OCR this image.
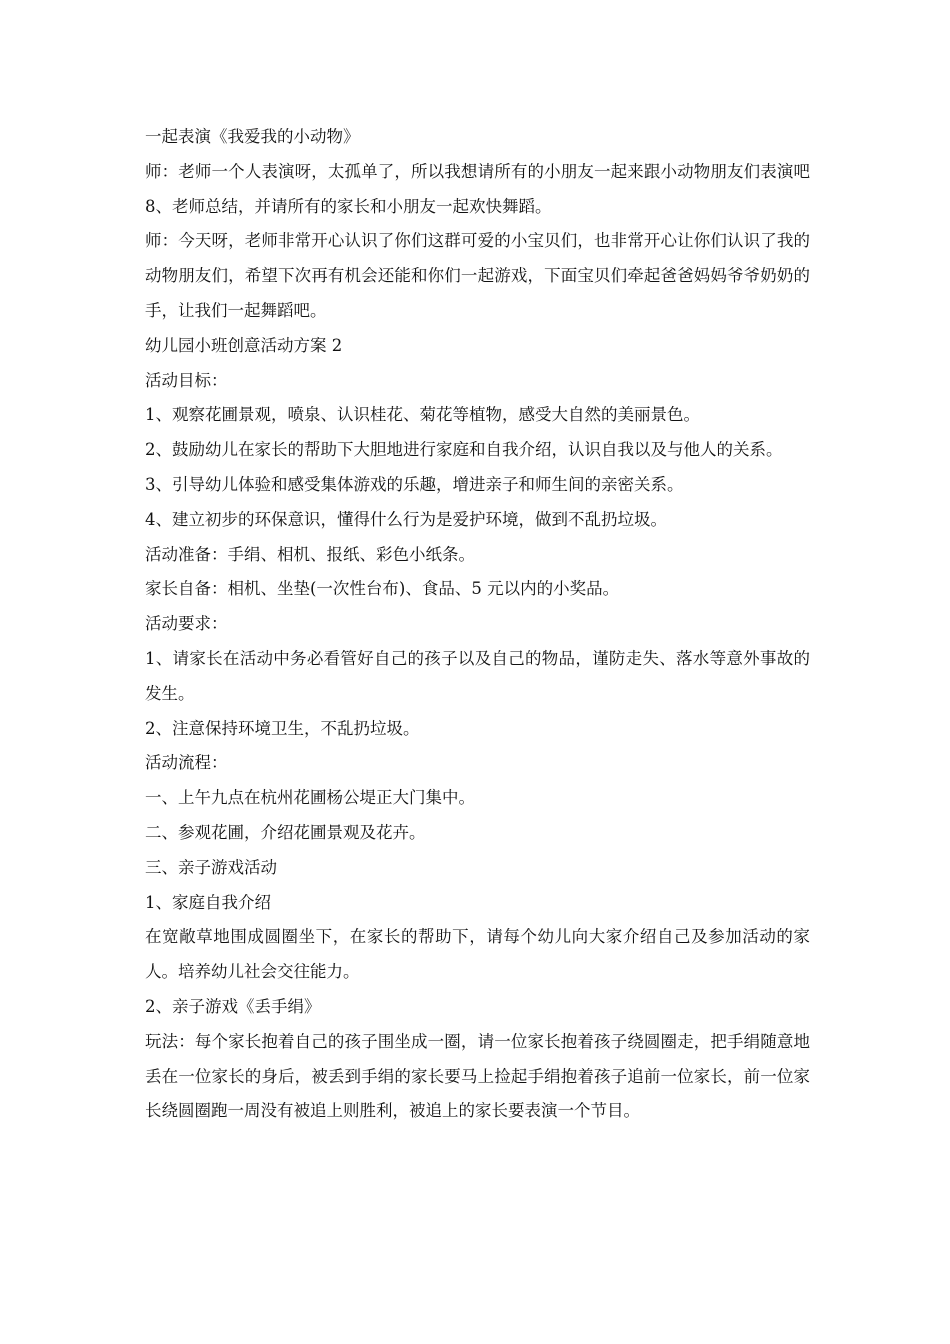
一起表演《我爱我的小动物》

师：老师一个人表演呀，太孤单了，所以我想请所有的小朋友一起来跟小动物朋友们表演吧 8、老师总结，并请所有的家长和小朋友一起欢快舞蹈。

师：今天呀，老师非常开心认识了你们这群可爱的小宝贝们，也非常开心让你们认识了我的动物朋友们，希望下次再有机会还能和你们一起游戏，下面宝贝们牵起爸爸妈妈爷爷奶奶的手，让我们一起舞蹈吧。

幼儿园小班创意活动方案 2

活动目标：

1、观察花圃景观，喷泉、认识桂花、菊花等植物，感受大自然的美丽景色。

2、鼓励幼儿在家长的帮助下大胆地进行家庭和自我介绍，认识自我以及与他人的关系。

3、引导幼儿体验和感受集体游戏的乐趣，增进亲子和师生间的亲密关系。

4、建立初步的环保意识，懂得什么行为是爱护环境，做到不乱扔垃圾。

活动准备：手绢、相机、报纸、彩色小纸条。

家长自备：相机、坐垫(一次性台布)、食品、5 元以内的小奖品。

活动要求：

1、请家长在活动中务必看管好自己的孩子以及自己的物品，谨防走失、落水等意外事故的发生。

2、注意保持环境卫生，不乱扔垃圾。

活动流程：

一、上午九点在杭州花圃杨公堤正大门集中。

二、参观花圃，介绍花圃景观及花卉。

三、亲子游戏活动

1、家庭自我介绍

在宽敞草地围成圆圈坐下，在家长的帮助下，请每个幼儿向大家介绍自己及参加活动的家人。培养幼儿社会交往能力。

2、亲子游戏《丢手绢》

玩法：每个家长抱着自己的孩子围坐成一圈，请一位家长抱着孩子绕圆圈走，把手绢随意地丢在一位家长的身后，被丢到手绢的家长要马上捡起手绢抱着孩子追前一位家长，前一位家长绕圆圈跑一周没有被追上则胜利，被追上的家长要表演一个节目。
